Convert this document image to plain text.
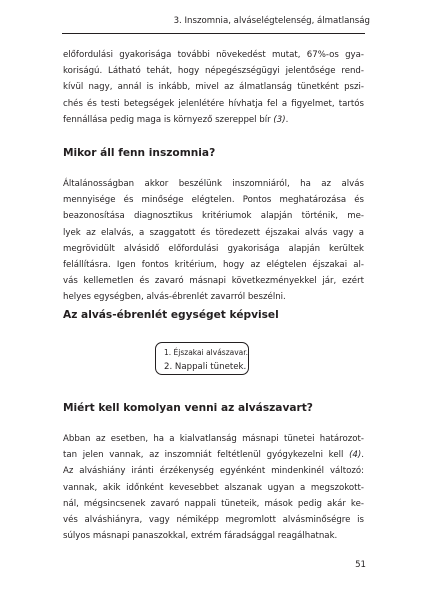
3. Inszomnia, alváselégtelenség, álmatlanság
előfordulási gyakorisága további növekedést mutat, 67%-os gya-
koriságú. Látható tehát, hogy népegészségügyi jelentősége rend-
kívül nagy, annál is inkább, mivel az álmatlanság tünetként pszi-
chés és testi betegségek jelenlétére hívhatja fel a figyelmet, tartós
fennállása pedig maga is környező szereppel bír (3).
Mikor áll fenn inszomnia?
Általánosságban akkor beszélünk inszomniáról, ha az alvás
mennyisége és minősége elégtelen. Pontos meghatározása és
beazonosítása diagnosztikus kritériumok alapján történik, me-
lyek az elalvás, a szaggatott és töredezett éjszakai alvás vagy a
megrövidült alvásidő előfordulási gyakorisága alapján kerültek
felállításra. Igen fontos kritérium, hogy az elégtelen éjszakai al-
vás kellemetlen és zavaró másnapi következményekkel jár, ezért
helyes egységben, alvás-ébrenlét zavarról beszélni.
Az alvás-ébrenlét egységet képvisel
1. Éjszakai alvászavar.
2. Nappali tünetek.
Miért kell komolyan venni az alvászavart?
Abban az esetben, ha a kialvatlanság másnapi tünetei határozot-
tan jelen vannak, az inszomniát feltétlenül gyógykezelni kell (4).
Az alváshiány iránti érzékenység egyénként mindenkinél változó:
vannak, akik időnként kevesebbet alszanak ugyan a megszokott-
nál, mégsincsenek zavaró nappali tüneteik, mások pedig akár ke-
vés alváshiányra, vagy némiképp megromlott alvásminőségre is
súlyos másnapi panaszokkal, extrém fáradsággal reagálhatnak.
51
